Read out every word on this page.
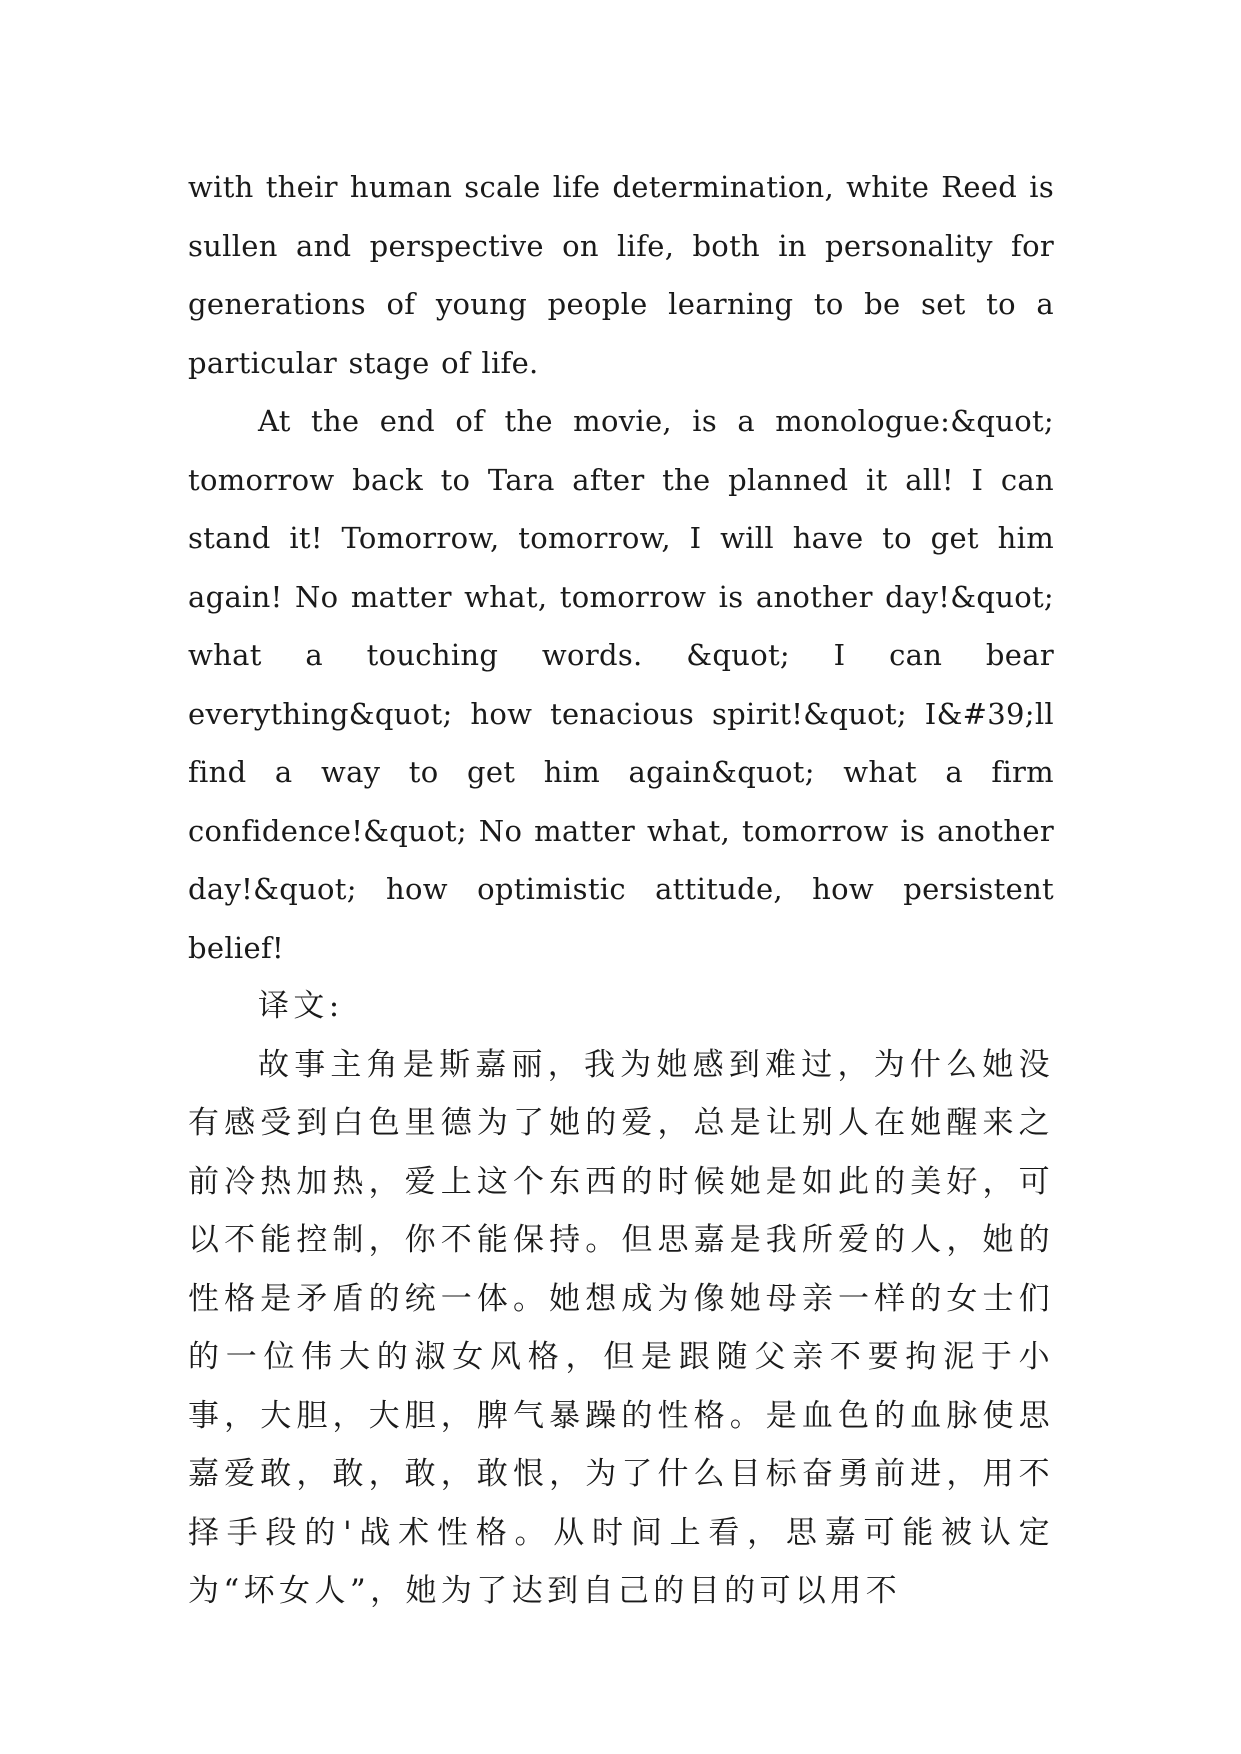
with their human scale life determination, white Reed is sullen and perspective on life, both in personality for generations of young people learning to be set to a particular stage of life.

At the end of the movie, is a monologue:&quot; tomorrow back to Tara after the planned it all! I can stand it! Tomorrow, tomorrow, I will have to get him again! No matter what, tomorrow is another day!&quot; what a touching words. &quot; I can bear everything&quot; how tenacious spirit!&quot; I&#39;ll find a way to get him again&quot; what a firm confidence!&quot; No matter what, tomorrow is another day!&quot; how optimistic attitude, how persistent belief!

译文:

故事主角是斯嘉丽，我为她感到难过，为什么她没有感受到白色里德为了她的爱，总是让别人在她醒来之前冷热加热，爱上这个东西的时候她是如此的美好，可以不能控制，你不能保持。但思嘉是我所爱的人，她的性格是矛盾的统一体。她想成为像她母亲一样的女士们的一位伟大的淑女风格，但是跟随父亲不要拘泥于小事，大胆，大胆，脾气暴躁的性格。是血色的血脉使思嘉爱敢，敢，敢，敢恨，为了什么目标奋勇前进，用不择手段的'战术性格。从时间上看，思嘉可能被认定为“坏女人”，她为了达到自己的目的可以用不
